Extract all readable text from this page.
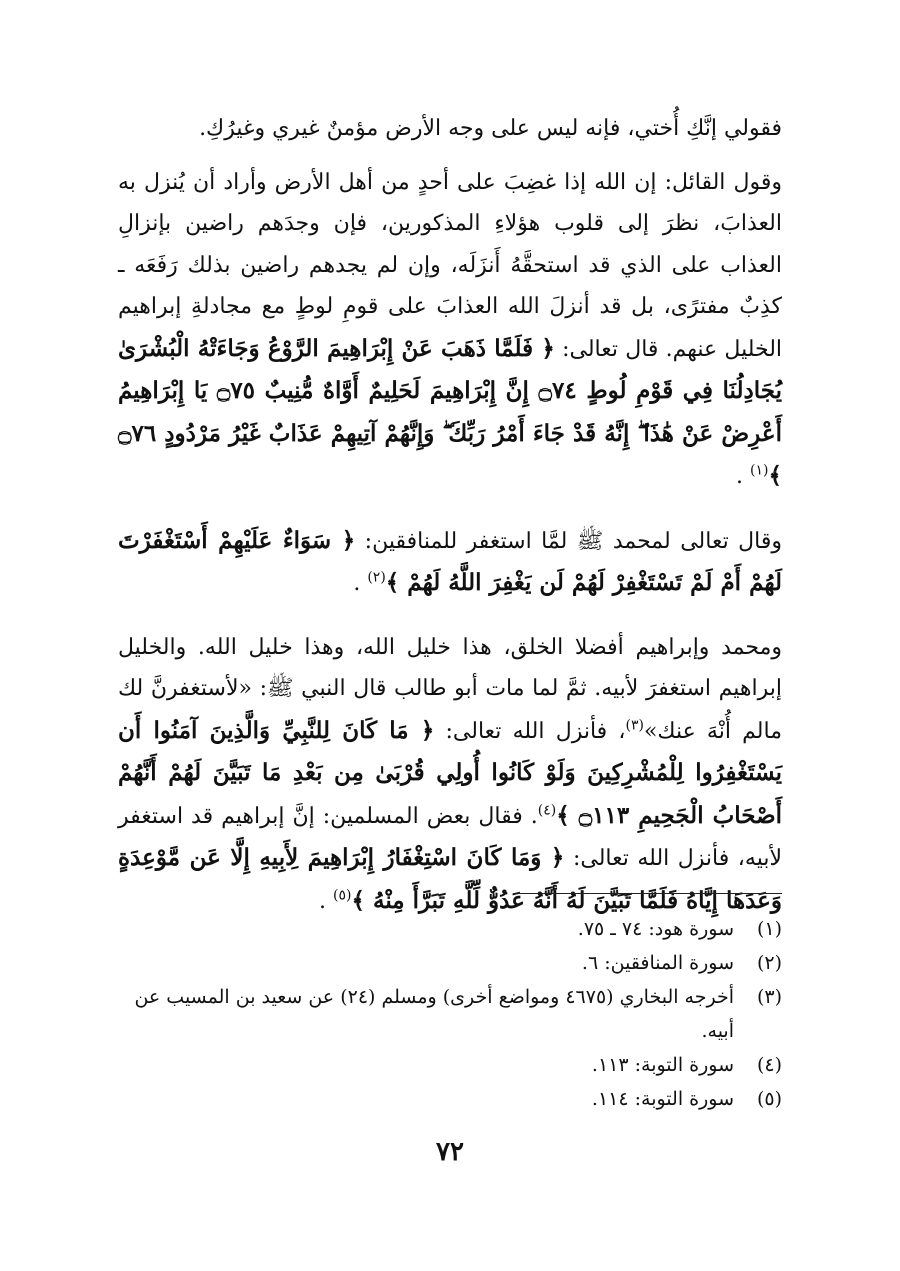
فقولي إنَّكِ أُختي، فإنه ليس على وجه الأرض مؤمنٌ غيري وغيرُكِ.

وقول القائل: إن الله إذا غضِبَ على أحدٍ من أهل الأرض وأراد أن يُنزل به العذابَ، نظرَ إلى قلوب هؤلاءِ المذكورين، فإن وجدَهم راضين بإنزالِ العذاب على الذي قد استحقَّهُ أَنزَلَه، وإن لم يجدهم راضين بذلك رَفَعَه ـ كذِبٌ مفترًى، بل قد أنزلَ الله العذابَ على قومِ لوطٍ مع مجادلةِ إبراهيم الخليل عنهم. قال تعالى: ﴿ فَلَمَّا ذَهَبَ عَنْ إِبْرَاهِيمَ الرَّوْعُ وَجَاءَتْهُ الْبُشْرَىٰ يُجَادِلُنَا فِي قَوْمِ لُوطٍ ۝٧٤ إِنَّ إِبْرَاهِيمَ لَحَلِيمٌ أَوَّاهٌ مُّنِيبٌ ۝٧٥ يَا إِبْرَاهِيمُ أَعْرِضْ عَنْ هَٰذَا ۖ إِنَّهُ قَدْ جَاءَ أَمْرُ رَبِّكَ ۖ وَإِنَّهُمْ آتِيهِمْ عَذَابٌ غَيْرُ مَرْدُودٍ ۝٧٦ ﴾$^{(١)}$ .

وقال تعالى لمحمد ﷺ لمَّا استغفر للمنافقين: ﴿ سَوَاءٌ عَلَيْهِمْ أَسْتَغْفَرْتَ لَهُمْ أَمْ لَمْ تَسْتَغْفِرْ لَهُمْ لَن يَغْفِرَ اللَّهُ لَهُمْ ﴾$^{(٢)}$ .

ومحمد وإبراهيم أفضلا الخلق، هذا خليل الله، وهذا خليل الله. والخليل إبراهيم استغفرَ لأبيه. ثمَّ لما مات أبو طالب قال النبي ﷺ: «لأستغفرنَّ لك مالم أُنْهَ عنك»$^{(٣)}$، فأنزل الله تعالى: ﴿ مَا كَانَ لِلنَّبِيِّ وَالَّذِينَ آمَنُوا أَن يَسْتَغْفِرُوا لِلْمُشْرِكِينَ وَلَوْ كَانُوا أُولِي قُرْبَىٰ مِن بَعْدِ مَا تَبَيَّنَ لَهُمْ أَنَّهُمْ أَصْحَابُ الْجَحِيمِ ۝١١٣ ﴾$^{(٤)}$. فقال بعض المسلمين: إنَّ إبراهيم قد استغفر لأبيه، فأنزل الله تعالى: ﴿ وَمَا كَانَ اسْتِغْفَارُ إِبْرَاهِيمَ لِأَبِيهِ إِلَّا عَن مَّوْعِدَةٍ وَعَدَهَا إِيَّاهُ فَلَمَّا تَبَيَّنَ لَهُ أَنَّهُ عَدُوٌّ لِّلَّهِ تَبَرَّأَ مِنْهُ ﴾$^{(٥)}$ .

(١)
سورة هود: ٧٤ ـ ٧٥.
(٢)
سورة المنافقين: ٦.
(٣)
أخرجه البخاري (٤٦٧٥ ومواضع أخرى) ومسلم (٢٤) عن سعيد بن المسيب عن أبيه.
(٤)
سورة التوبة: ١١٣.
(٥)
سورة التوبة: ١١٤.
٧٢
